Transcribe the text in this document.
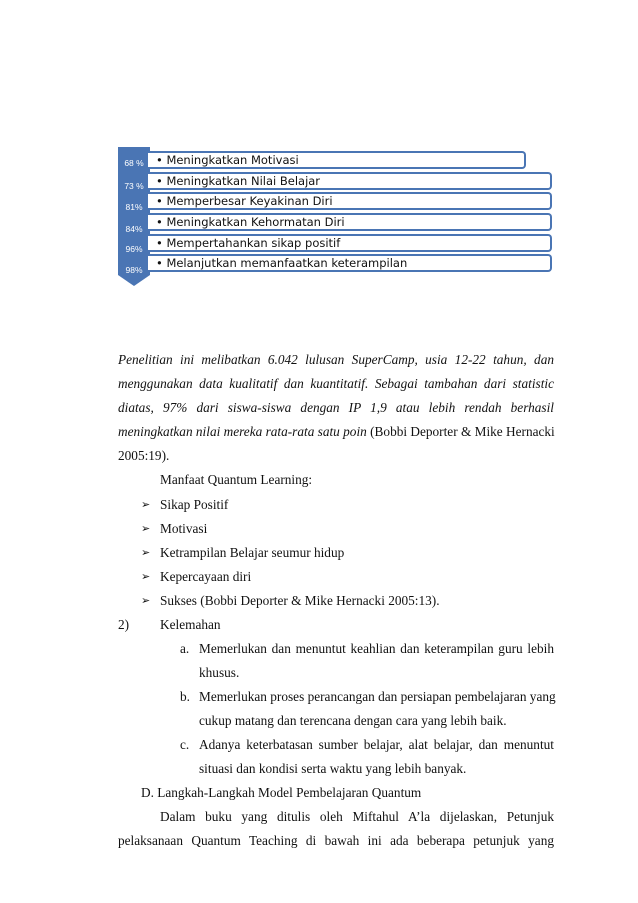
68 %
73 %
81%
84%
96%
98%
• Meningkatkan Motivasi
• Meningkatkan Nilai Belajar
• Memperbesar Keyakinan Diri
• Meningkatkan Kehormatan Diri
• Mempertahankan sikap positif
• Melanjutkan memanfaatkan keterampilan
Penelitian ini melibatkan 6.042 lulusan SuperCamp, usia 12-22 tahun, dan
menggunakan data kualitatif dan kuantitatif. Sebagai tambahan dari statistic
diatas, 97% dari siswa-siswa dengan IP 1,9 atau lebih rendah berhasil
meningkatkan nilai mereka rata-rata satu poin (Bobbi Deporter & Mike Hernacki
2005:19).
Manfaat Quantum Learning:
➢ Sikap Positif
➢ Motivasi
➢ Ketrampilan Belajar seumur hidup
➢ Kepercayaan diri
➢ Sukses (Bobbi Deporter & Mike Hernacki 2005:13).
2) Kelemahan
a. Memerlukan dan menuntut keahlian dan keterampilan guru lebih
khusus.
b. Memerlukan proses perancangan dan persiapan pembelajaran yang
cukup matang dan terencana dengan cara yang lebih baik.
c. Adanya keterbatasan sumber belajar, alat belajar, dan menuntut
situasi dan kondisi serta waktu yang lebih banyak.
D. Langkah-Langkah Model Pembelajaran Quantum
Dalam buku yang ditulis oleh Miftahul A’la dijelaskan, Petunjuk
pelaksanaan Quantum Teaching di bawah ini ada beberapa petunjuk yang
